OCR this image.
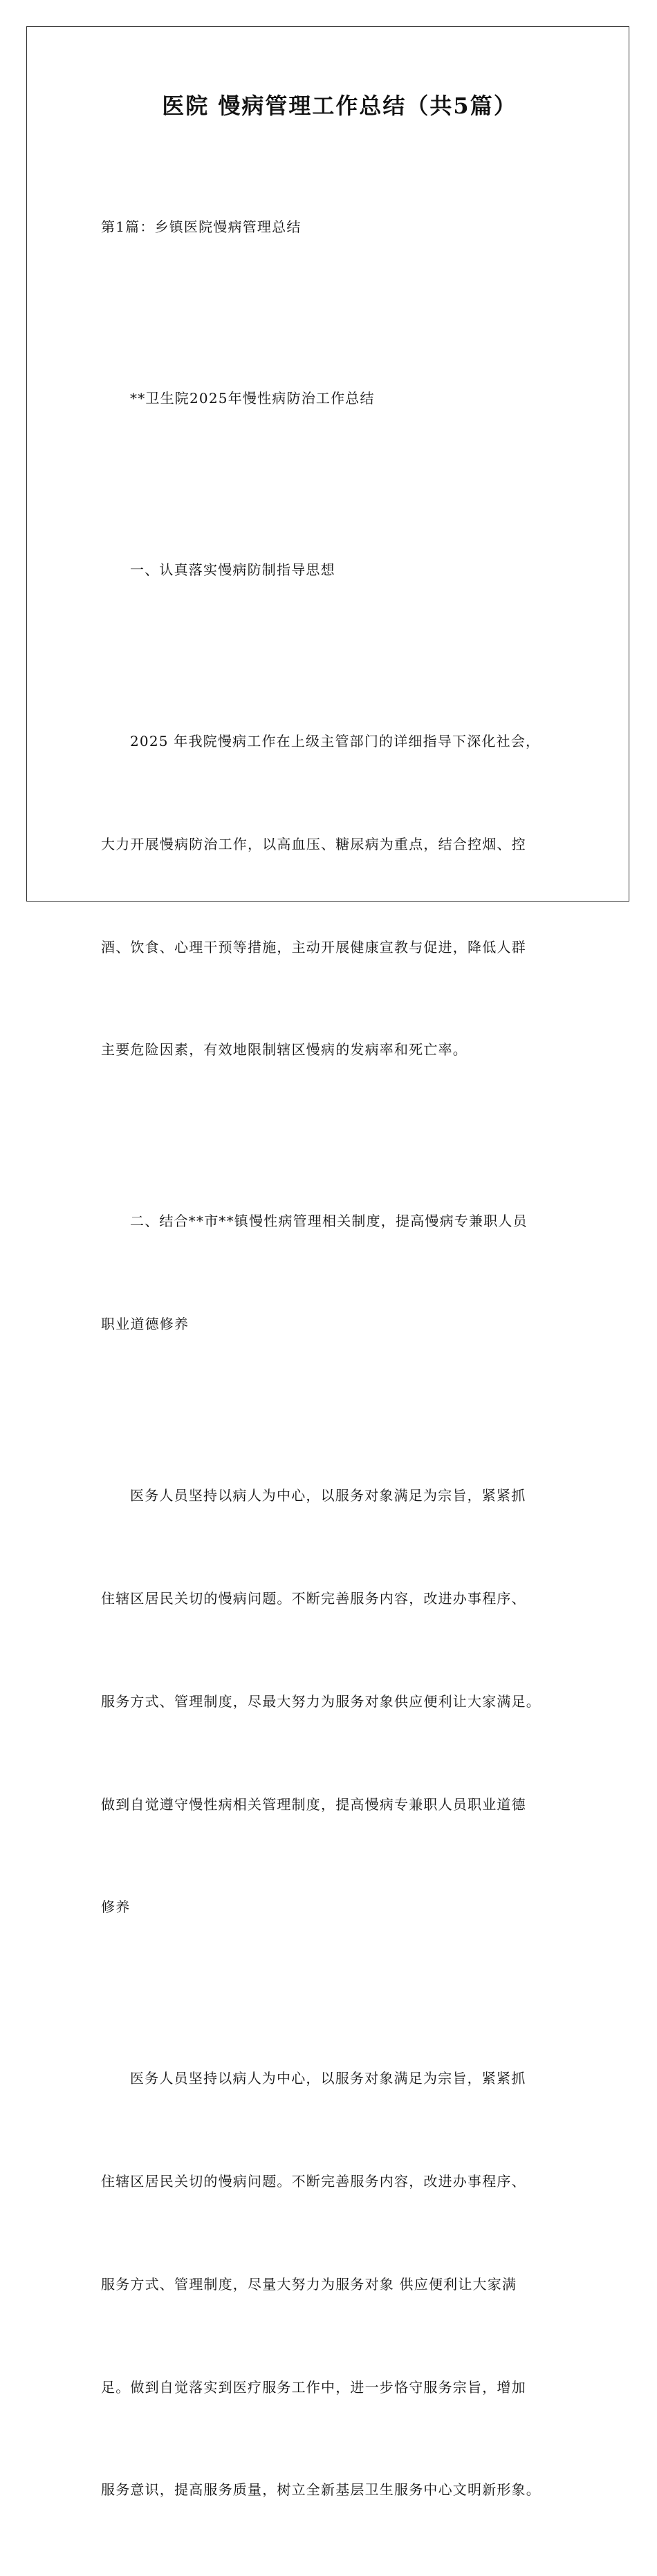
医院 慢病管理工作总结（共5篇）

第1篇：乡镇医院慢病管理总结

**卫生院2025年慢性病防治工作总结

一、认真落实慢病防制指导思想

2025 年我院慢病工作在上级主管部门的详细指导下深化社会，

大力开展慢病防治工作，以高血压、糖尿病为重点，结合控烟、控

酒、饮食、心理干预等措施，主动开展健康宣教与促进，降低人群

主要危险因素，有效地限制辖区慢病的发病率和死亡率。

二、结合**市**镇慢性病管理相关制度，提高慢病专兼职人员

职业道德修养

医务人员坚持以病人为中心，以服务对象满足为宗旨，紧紧抓

住辖区居民关切的慢病问题。不断完善服务内容，改进办事程序、

服务方式、管理制度，尽最大努力为服务对象供应便利让大家满足。

做到自觉遵守慢性病相关管理制度，提高慢病专兼职人员职业道德

修养

医务人员坚持以病人为中心，以服务对象满足为宗旨，紧紧抓

住辖区居民关切的慢病问题。不断完善服务内容，改进办事程序、

服务方式、管理制度，尽量大努力为服务对象 供应便利让大家满

足。做到自觉落实到医疗服务工作中，进一步恪守服务宗旨，增加

服务意识，提高服务质量，树立全新基层卫生服务中心文明新形象。
